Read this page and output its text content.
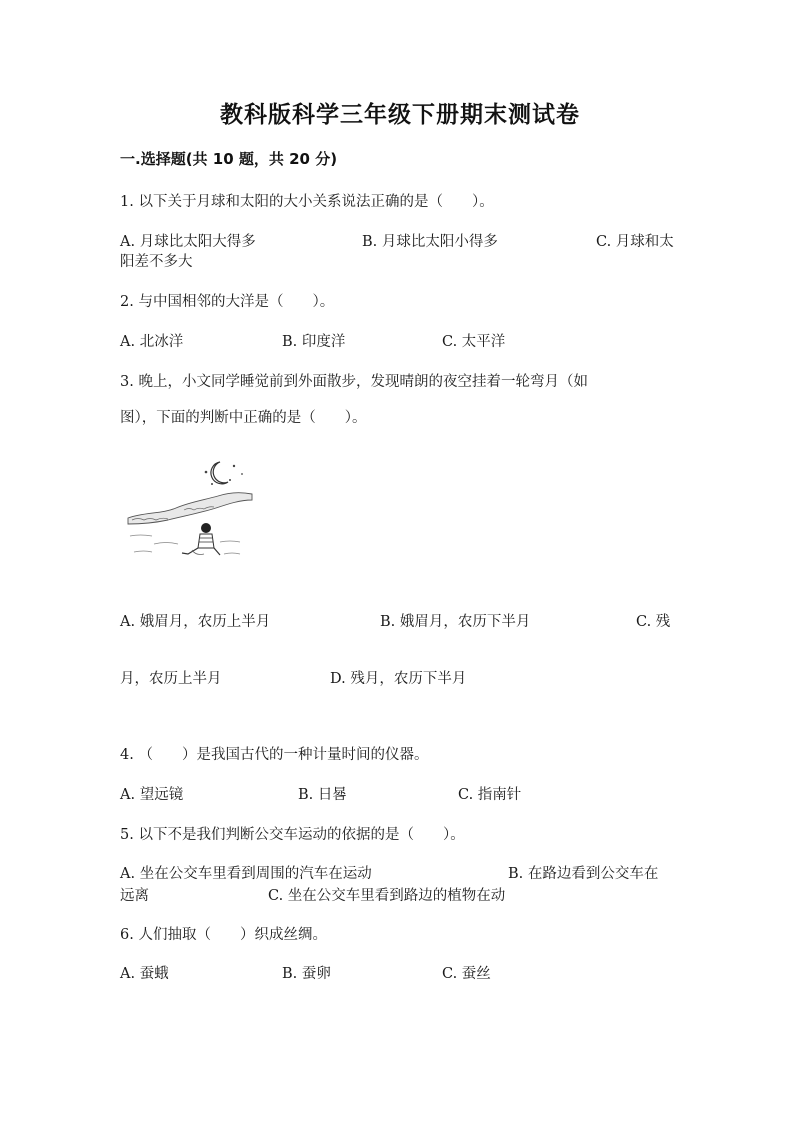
教科版科学三年级下册期末测试卷
一.选择题(共 10 题，共 20 分)
1. 以下关于月球和太阳的大小关系说法正确的是（　　）。
A. 月球比太阳大得多	B. 月球比太阳小得多	C. 月球和太
阳差不多大
2. 与中国相邻的大洋是（　　）。
A. 北冰洋	B. 印度洋	C. 太平洋
3. 晚上，小文同学睡觉前到外面散步，发现晴朗的夜空挂着一轮弯月（如
图），下面的判断中正确的是（　　）。
A. 娥眉月，农历上半月	B. 娥眉月，农历下半月	C. 残
月，农历上半月	D. 残月，农历下半月
4. （　　）是我国古代的一种计量时间的仪器。
A. 望远镜	B. 日晷	C. 指南针
5. 以下不是我们判断公交车运动的依据的是（　　）。
A. 坐在公交车里看到周围的汽车在运动	B. 在路边看到公交车在
远离	C. 坐在公交车里看到路边的植物在动
6. 人们抽取（　　）织成丝绸。
A. 蚕蛾	B. 蚕卵	C. 蚕丝
